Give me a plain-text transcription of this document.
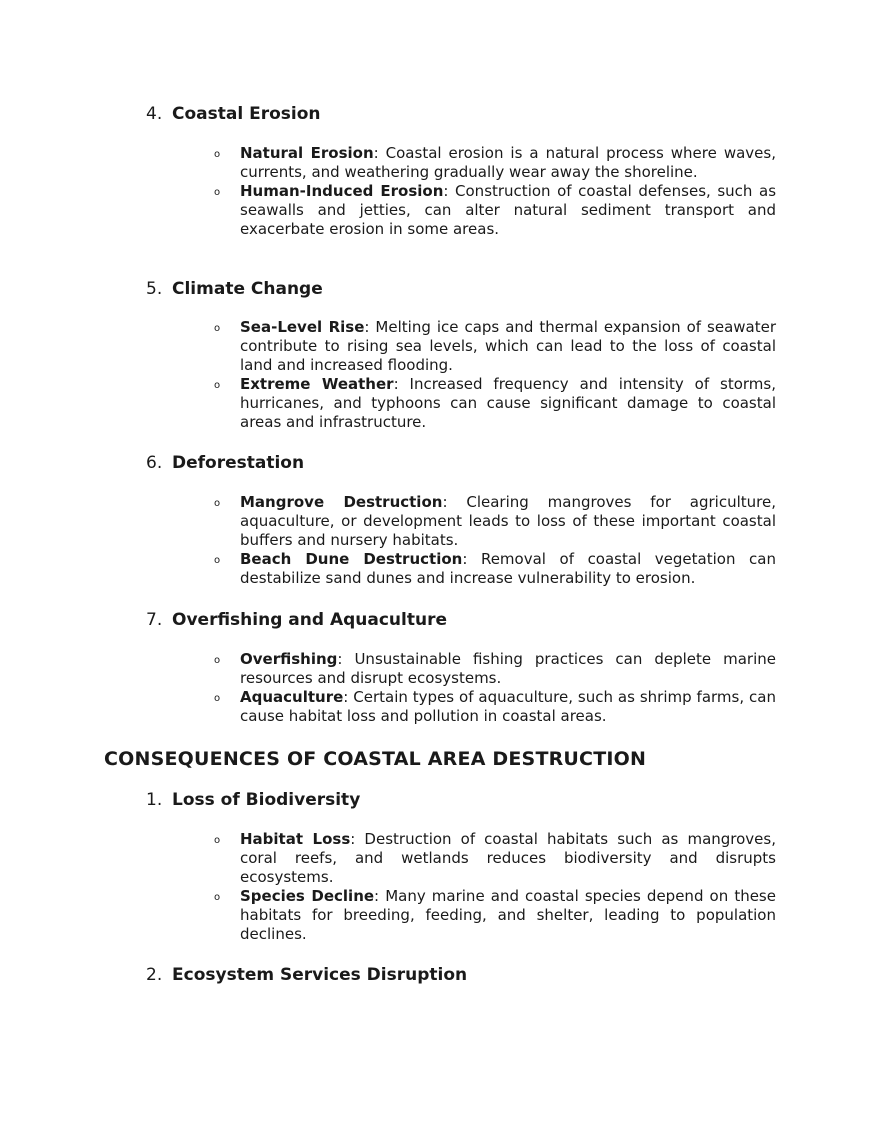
4. Coastal Erosion
o Natural Erosion: Coastal erosion is a natural process where waves, currents, and weathering gradually wear away the shoreline.
o Human-Induced Erosion: Construction of coastal defenses, such as seawalls and jetties, can alter natural sediment transport and exacerbate erosion in some areas.
5. Climate Change
o Sea-Level Rise: Melting ice caps and thermal expansion of seawater contribute to rising sea levels, which can lead to the loss of coastal land and increased flooding.
o Extreme Weather: Increased frequency and intensity of storms, hurricanes, and typhoons can cause significant damage to coastal areas and infrastructure.
6. Deforestation
o Mangrove Destruction: Clearing mangroves for agriculture, aquaculture, or development leads to loss of these important coastal buffers and nursery habitats.
o Beach Dune Destruction: Removal of coastal vegetation can destabilize sand dunes and increase vulnerability to erosion.
7. Overfishing and Aquaculture
o Overfishing: Unsustainable fishing practices can deplete marine resources and disrupt ecosystems.
o Aquaculture: Certain types of aquaculture, such as shrimp farms, can cause habitat loss and pollution in coastal areas.
CONSEQUENCES OF COASTAL AREA DESTRUCTION
1. Loss of Biodiversity
o Habitat Loss: Destruction of coastal habitats such as mangroves, coral reefs, and wetlands reduces biodiversity and disrupts ecosystems.
o Species Decline: Many marine and coastal species depend on these habitats for breeding, feeding, and shelter, leading to population declines.
2. Ecosystem Services Disruption
